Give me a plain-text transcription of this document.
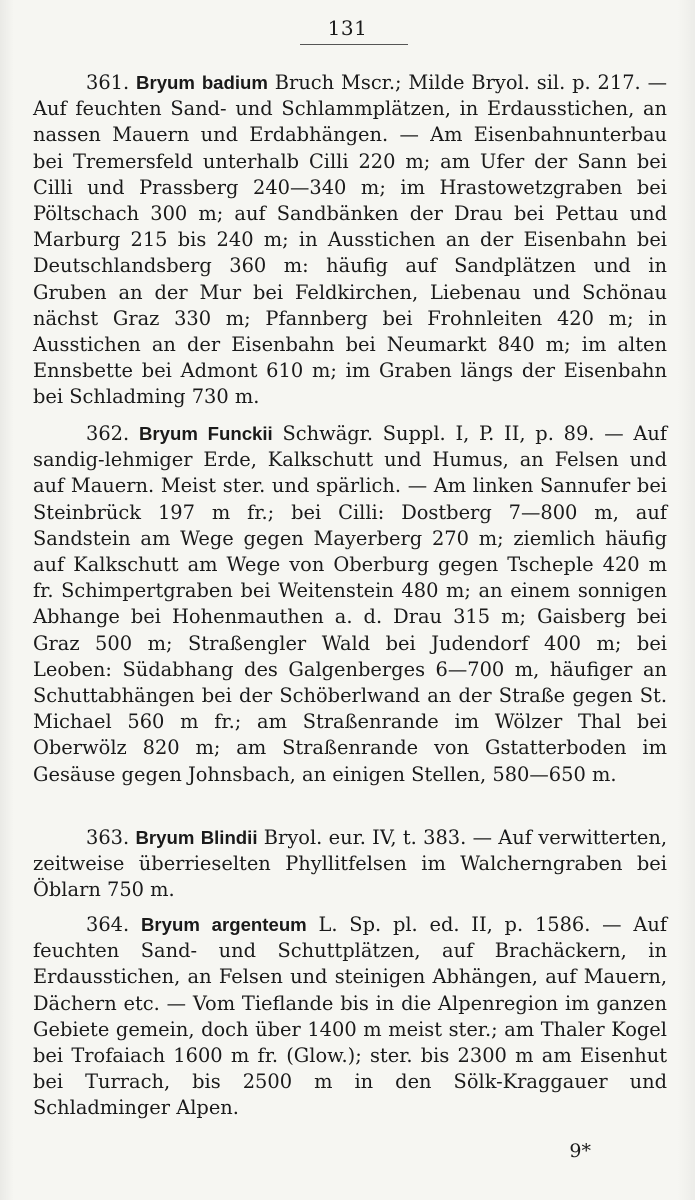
131

361. Bryum badium Bruch Mscr.; Milde Bryol. sil. p. 217. — Auf feuchten Sand- und Schlammplätzen, in Erdausstichen, an nassen Mauern und Erdabhängen. — Am Eisenbahnunterbau bei Tremersfeld unterhalb Cilli 220 m; am Ufer der Sann bei Cilli und Prassberg 240—340 m; im Hrastowetzgraben bei Pöltschach 300 m; auf Sandbänken der Drau bei Pettau und Marburg 215 bis 240 m; in Ausstichen an der Eisenbahn bei Deutschlandsberg 360 m: häufig auf Sandplätzen und in Gruben an der Mur bei Feldkirchen, Liebenau und Schönau nächst Graz 330 m; Pfannberg bei Frohnleiten 420 m; in Ausstichen an der Eisenbahn bei Neumarkt 840 m; im alten Ennsbette bei Admont 610 m; im Graben längs der Eisenbahn bei Schladming 730 m.

362. Bryum Funckii Schwägr. Suppl. I, P. II, p. 89. — Auf sandig-lehmiger Erde, Kalkschutt und Humus, an Felsen und auf Mauern. Meist ster. und spärlich. — Am linken Sannufer bei Steinbrück 197 m fr.; bei Cilli: Dostberg 7—800 m, auf Sandstein am Wege gegen Mayerberg 270 m; ziemlich häufig auf Kalkschutt am Wege von Oberburg gegen Tscheple 420 m fr. Schimpertgraben bei Weitenstein 480 m; an einem sonnigen Abhange bei Hohenmauthen a. d. Drau 315 m; Gaisberg bei Graz 500 m; Straßengler Wald bei Judendorf 400 m; bei Leoben: Südabhang des Galgenberges 6—700 m, häufiger an Schuttabhängen bei der Schöberlwand an der Straße gegen St. Michael 560 m fr.; am Straßenrande im Wölzer Thal bei Oberwölz 820 m; am Straßenrande von Gstatterboden im Gesäuse gegen Johnsbach, an einigen Stellen, 580—650 m.

363. Bryum Blindii Bryol. eur. IV, t. 383. — Auf verwitterten, zeitweise überrieselten Phyllitfelsen im Walcherngraben bei Öblarn 750 m.

364. Bryum argenteum L. Sp. pl. ed. II, p. 1586. — Auf feuchten Sand- und Schuttplätzen, auf Brachäckern, in Erdausstichen, an Felsen und steinigen Abhängen, auf Mauern, Dächern etc. — Vom Tieflande bis in die Alpenregion im ganzen Gebiete gemein, doch über 1400 m meist ster.; am Thaler Kogel bei Trofaiach 1600 m fr. (Glow.); ster. bis 2300 m am Eisenhut bei Turrach, bis 2500 m in den Sölk-Kraggauer und Schladminger Alpen.

9*
